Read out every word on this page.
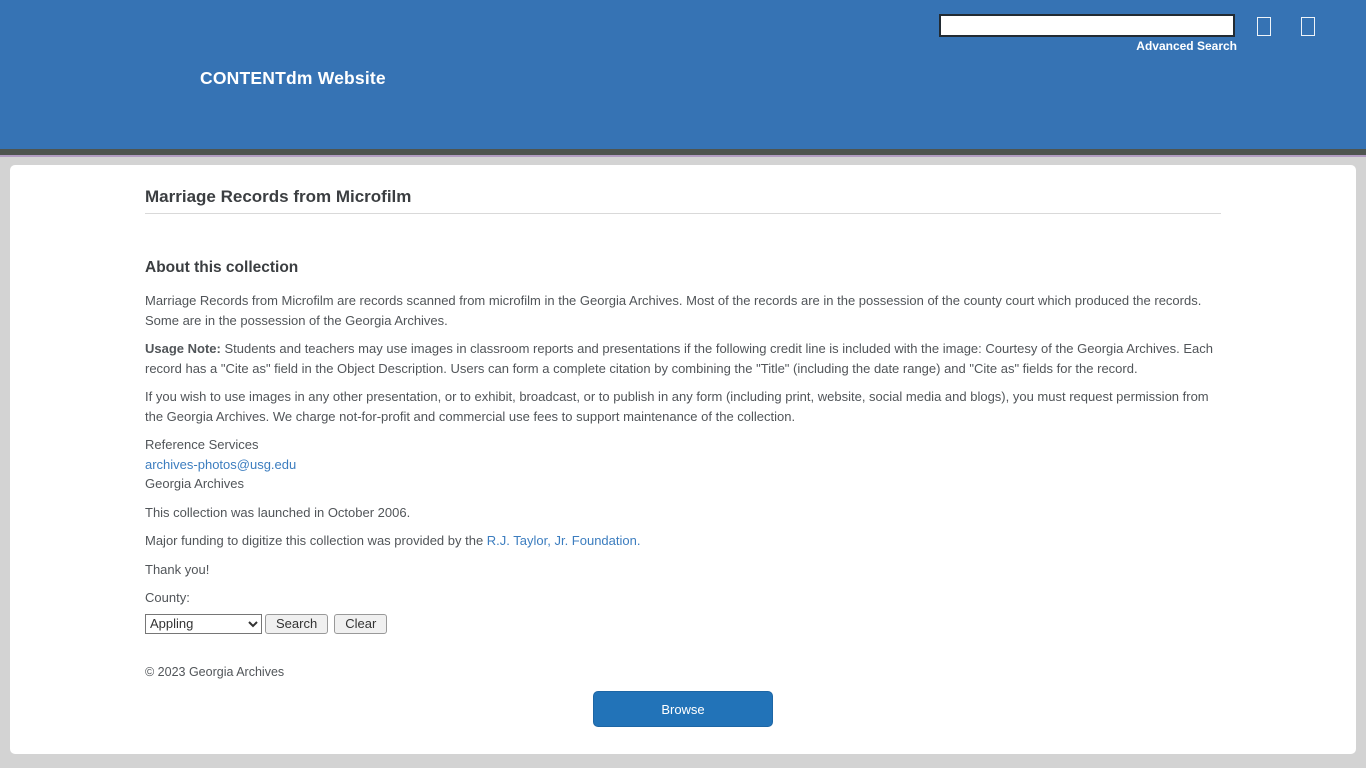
CONTENTdm Website
Advanced Search
Marriage Records from Microfilm
About this collection

Marriage Records from Microfilm are records scanned from microfilm in the Georgia Archives. Most of the records are in the possession of the county court which produced the records. Some are in the possession of the Georgia Archives.

Usage Note: Students and teachers may use images in classroom reports and presentations if the following credit line is included with the image: Courtesy of the Georgia Archives. Each record has a "Cite as" field in the Object Description. Users can form a complete citation by combining the "Title" (including the date range) and "Cite as" fields for the record.

If you wish to use images in any other presentation, or to exhibit, broadcast, or to publish in any form (including print, website, social media and blogs), you must request permission from the Georgia Archives. We charge not-for-profit and commercial use fees to support maintenance of the collection.

Reference Services
archives-photos@usg.edu
Georgia Archives

This collection was launched in October 2006.

Major funding to digitize this collection was provided by the R.J. Taylor, Jr. Foundation.

Thank you!

County:
Appling
Search	Clear
© 2023 Georgia Archives
Browse
